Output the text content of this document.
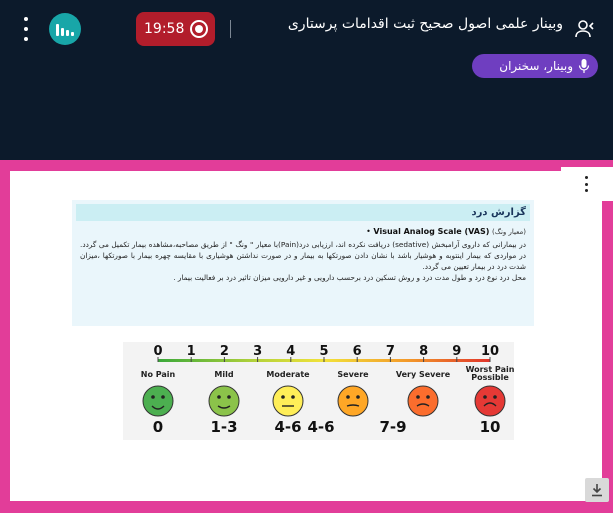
19:58	وبینار علمی اصول صحیح ثبت اقدامات پرستاری
وبینار، سخنران
گزارش درد
• Visual Analog Scale (VAS) (معیار ونگ)
در بیمارانی که داروی آرامبخش (sedative) دریافت نکرده اند، ارزیابی درد(Pain)با معیار " ونگ " از طریق مصاحبه،مشاهده بیمار تکمیل می گردد. در مواردی که بیمار اینتوبه و هوشیار باشد با نشان دادن صورتکها به بیمار و در صورت نداشتن هوشیاری با مقایسه چهره بیمار با صورتکها ،میزان شدت درد در بیمار تعیین می گردد.
محل درد نوع درد و طول مدت درد و روش تسکین درد برحسب دارویی و غیر دارویی میزان تاثیر درد بر فعالیت بیمار .
0 1 2 3 4 5 6 7 8 9 10
No Pain
0
Mild
1-3
Moderate
4-6
Severe	Very Severe
7-9
Worst Pain Possible
10
4-6
